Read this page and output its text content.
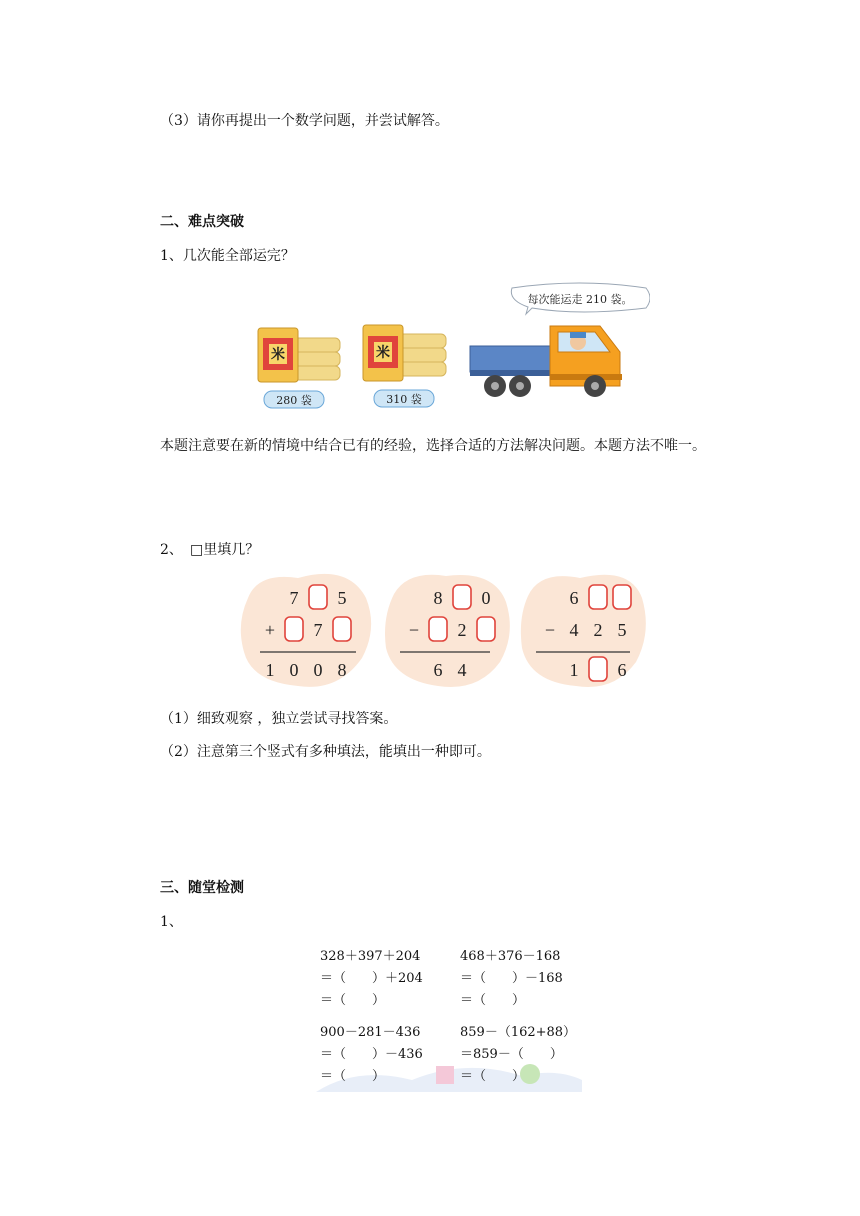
（3）请你再提出一个数学问题，并尝试解答。
二、难点突破
1、几次能全部运完？
米
280 袋
米
310 袋
每次能运走 210 袋。
本题注意要在新的情境中结合已有的经验，选择合适的方法解决问题。本题方法不唯一。
2、 □里填几？
7 5
+ 7
1 0 0 8
8 0
− 2
6 4
6
− 4 2 5
1 6
（1）细致观察 ，独立尝试寻找答案。
（2）注意第三个竖式有多种填法，能填出一种即可。
三、随堂检测
1、
328＋397＋204
＝（　　）＋204
＝（　　）
468＋376－168
＝（　　）－168
＝（　　）
900－281－436
＝（　　）－436
＝（　　）
859－（162+88）
＝859－（　　）
＝（　　）
